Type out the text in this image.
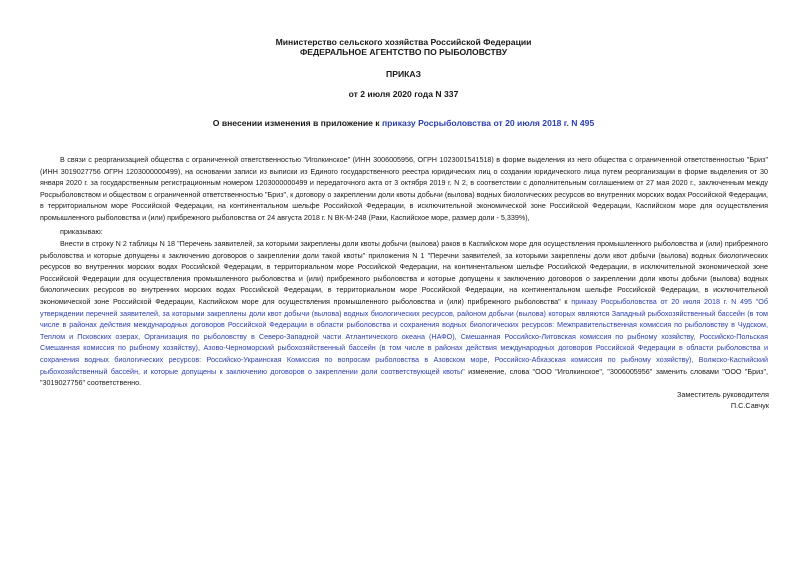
Министерство сельского хозяйства Российской Федерации
ФЕДЕРАЛЬНОЕ АГЕНТСТВО ПО РЫБОЛОВСТВУ
ПРИКАЗ
от 2 июля 2020 года N 337
О внесении изменения в приложение к приказу Росрыболовства от 20 июля 2018 г. N 495
В связи с реорганизацией общества с ограниченной ответственностью "Иголкинское" (ИНН 3006005956, ОГРН 1023001541518) в форме выделения из него общества с ограниченной ответственностью "Бриз" (ИНН 3019027756 ОГРН 1203000000499), на основании записи из выписки из Единого государственного реестра юридических лиц о создании юридического лица путем реорганизации в форме выделения от 30 января 2020 г. за государственным регистрационным номером 1203000000499 и передаточного акта от 3 октября 2019 г. N 2, в соответствии с дополнительным соглашением от 27 мая 2020 г., заключенным между Росрыболовством и обществом с ограниченной ответственностью "Бриз", к договору о закреплении доли квоты добычи (вылова) водных биологических ресурсов во внутренних морских водах Российской Федерации, в территориальном море Российской Федерации, на континентальном шельфе Российской Федерации, в исключительной экономической зоне Российской Федерации, Каспийском море для осуществления промышленного рыболовства и (или) прибрежного рыболовства от 24 августа 2018 г. N ВК-М-248 (Раки, Каспийское море, размер доли - 5,339%),
приказываю:
Внести в строку N 2 таблицы N 18 "Перечень заявителей, за которыми закреплены доли квоты добычи (вылова) раков в Каспийском море для осуществления промышленного рыболовства и (или) прибрежного рыболовства и которые допущены к заключению договоров о закреплении доли такой квоты" приложения N 1 "Перечни заявителей, за которыми закреплены доли квот добычи (вылова) водных биологических ресурсов во внутренних морских водах Российской Федерации, в территориальном море Российской Федерации, на континентальном шельфе Российской Федерации, в исключительной экономической зоне Российской Федерации для осуществления промышленного рыболовства и (или) прибрежного рыболовства и которые допущены к заключению договоров о закреплении доли квоты добычи (вылова) водных биологических ресурсов во внутренних морских водах Российской Федерации, в территориальном море Российской Федерации, на континентальном шельфе Российской Федерации, в исключительной экономической зоне Российской Федерации, Каспийском море для осуществления промышленного рыболовства и (или) прибрежного рыболовства" к приказу Росрыболовства от 20 июля 2018 г. N 495 "Об утверждении перечней заявителей, за которыми закреплены доли квот добычи (вылова) водных биологических ресурсов, районом добычи (вылова) которых являются Западный рыбохозяйственный бассейн (в том числе в районах действия международных договоров Российской Федерации в области рыболовства и сохранения водных биологических ресурсов: Межправительственная комиссия по рыболовству в Чудском, Теплом и Псковских озерах, Организация по рыболовству в Северо-Западной части Атлантического океана (НАФО), Смешанная Российско-Литовская комиссия по рыбному хозяйству, Российско-Польская Смешанная комиссия по рыбному хозяйству), Азово-Черноморский рыбохозяйственный бассейн (в том числе в районах действия международных договоров Российской Федерации в области рыболовства и сохранения водных биологических ресурсов: Российско-Украинская Комиссия по вопросам рыболовства в Азовском море, Российско-Абхазская комиссия по рыбному хозяйству), Волжско-Каспийский рыбохозяйственный бассейн, и которые допущены к заключению договоров о закреплении доли соответствующей квоты" изменение, слова "ООО "Иголкинское", "3006005956" заменить словами "ООО "Бриз", "3019027756" соответственно.
Заместитель руководителя
П.С.Савчук
